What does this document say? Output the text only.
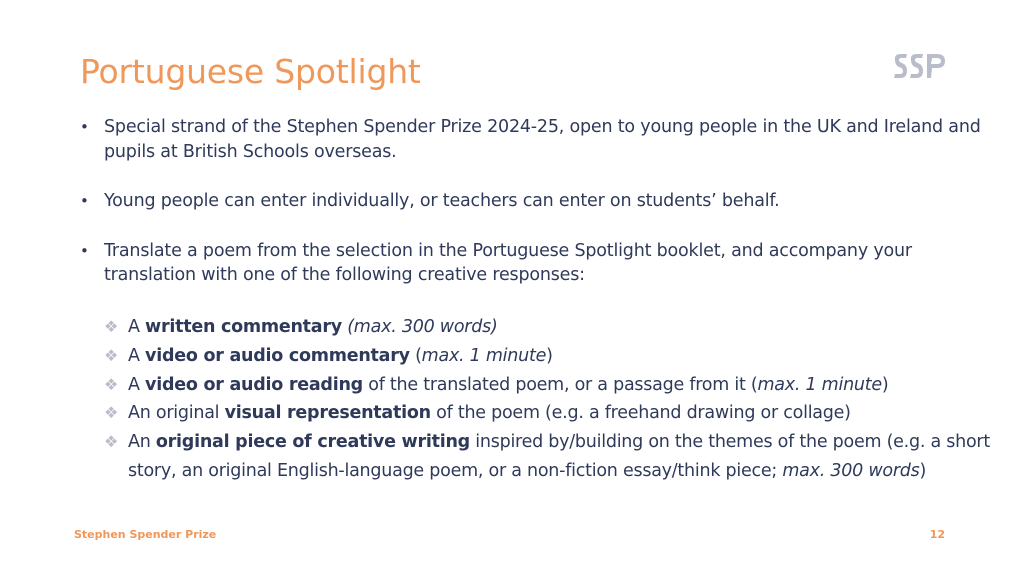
Portuguese Spotlight
• Special strand of the Stephen Spender Prize 2024-25, open to young people in the UK and Ireland and pupils at British Schools overseas.
• Young people can enter individually, or teachers can enter on students’ behalf.
• Translate a poem from the selection in the Portuguese Spotlight booklet, and accompany your translation with one of the following creative responses:
❖ A written commentary (max. 300 words)
❖ A video or audio commentary (max. 1 minute)
❖ A video or audio reading of the translated poem, or a passage from it (max. 1 minute)
❖ An original visual representation of the poem (e.g. a freehand drawing or collage)
❖ An original piece of creative writing inspired by/building on the themes of the poem (e.g. a short story, an original English-language poem, or a non-fiction essay/think piece; max. 300 words)
Stephen Spender Prize	12
